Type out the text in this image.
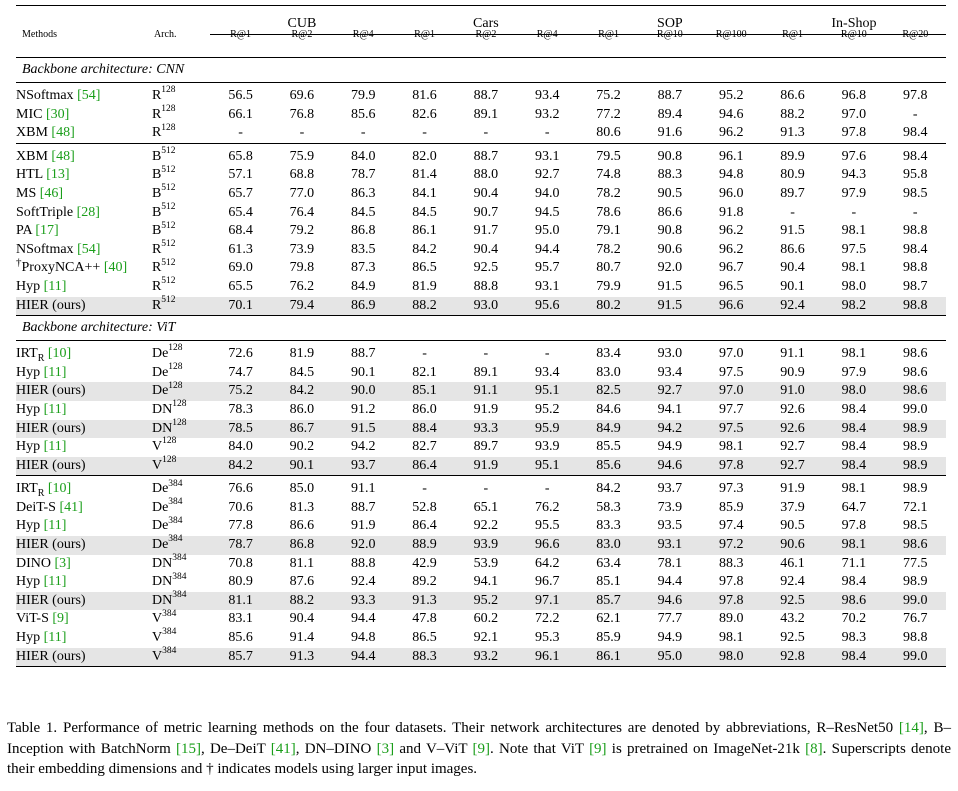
		CUB			Cars			SOP			In-Shop		
Methods	Arch.	R@1	R@2	R@4	R@1	R@2	R@4	R@1	R@10	R@100	R@1	R@10	R@20
Backbone architecture: CNN													
NSoftmax [54]	$R^{128}$	56.5	69.6	79.9	81.6	88.7	93.4	75.2	88.7	95.2	86.6	96.8	97.8
MIC [30]	$R^{128}$	66.1	76.8	85.6	82.6	89.1	93.2	77.2	89.4	94.6	88.2	97.0	-
XBM [48]	$R^{128}$	-	-	-	-	-	-	80.6	91.6	96.2	91.3	97.8	98.4
XBM [48]	$B^{512}$	65.8	75.9	84.0	82.0	88.7	93.1	79.5	90.8	96.1	89.9	97.6	98.4
HTL [13]	$B^{512}$	57.1	68.8	78.7	81.4	88.0	92.7	74.8	88.3	94.8	80.9	94.3	95.8
MS [46]	$B^{512}$	65.7	77.0	86.3	84.1	90.4	94.0	78.2	90.5	96.0	89.7	97.9	98.5
SoftTriple [28]	$B^{512}$	65.4	76.4	84.5	84.5	90.7	94.5	78.6	86.6	91.8	-	-	-
PA [17]	$B^{512}$	68.4	79.2	86.8	86.1	91.7	95.0	79.1	90.8	96.2	91.5	98.1	98.8
NSoftmax [54]	$R^{512}$	61.3	73.9	83.5	84.2	90.4	94.4	78.2	90.6	96.2	86.6	97.5	98.4
†ProxyNCA++ [40]	$R^{512}$	69.0	79.8	87.3	86.5	92.5	95.7	80.7	92.0	96.7	90.4	98.1	98.8
Hyp [11]	$R^{512}$	65.5	76.2	84.9	81.9	88.8	93.1	79.9	91.5	96.5	90.1	98.0	98.7
HIER (ours)	$R^{512}$	70.1	79.4	86.9	88.2	93.0	95.6	80.2	91.5	96.6	92.4	98.2	98.8
Backbone architecture: ViT													
$IRT_R$ [10]	De$^{128}$	72.6	81.9	88.7	-	-	-	83.4	93.0	97.0	91.1	98.1	98.6
Hyp [11]	De$^{128}$	74.7	84.5	90.1	82.1	89.1	93.4	83.0	93.4	97.5	90.9	97.9	98.6
HIER (ours)	De$^{128}$	75.2	84.2	90.0	85.1	91.1	95.1	82.5	92.7	97.0	91.0	98.0	98.6
Hyp [11]	DN$^{128}$	78.3	86.0	91.2	86.0	91.9	95.2	84.6	94.1	97.7	92.6	98.4	99.0
HIER (ours)	DN$^{128}$	78.5	86.7	91.5	88.4	93.3	95.9	84.9	94.2	97.5	92.6	98.4	98.9
Hyp [11]	$V^{128}$	84.0	90.2	94.2	82.7	89.7	93.9	85.5	94.9	98.1	92.7	98.4	98.9
HIER (ours)	$V^{128}$	84.2	90.1	93.7	86.4	91.9	95.1	85.6	94.6	97.8	92.7	98.4	98.9
$IRT_R$ [10]	De$^{384}$	76.6	85.0	91.1	-	-	-	84.2	93.7	97.3	91.9	98.1	98.9
DeiT-S [41]	De$^{384}$	70.6	81.3	88.7	52.8	65.1	76.2	58.3	73.9	85.9	37.9	64.7	72.1
Hyp [11]	De$^{384}$	77.8	86.6	91.9	86.4	92.2	95.5	83.3	93.5	97.4	90.5	97.8	98.5
HIER (ours)	De$^{384}$	78.7	86.8	92.0	88.9	93.9	96.6	83.0	93.1	97.2	90.6	98.1	98.6
DINO [3]	DN$^{384}$	70.8	81.1	88.8	42.9	53.9	64.2	63.4	78.1	88.3	46.1	71.1	77.5
Hyp [11]	DN$^{384}$	80.9	87.6	92.4	89.2	94.1	96.7	85.1	94.4	97.8	92.4	98.4	98.9
HIER (ours)	DN$^{384}$	81.1	88.2	93.3	91.3	95.2	97.1	85.7	94.6	97.8	92.5	98.6	99.0
ViT-S [9]	$V^{384}$	83.1	90.4	94.4	47.8	60.2	72.2	62.1	77.7	89.0	43.2	70.2	76.7
Hyp [11]	$V^{384}$	85.6	91.4	94.8	86.5	92.1	95.3	85.9	94.9	98.1	92.5	98.3	98.8
HIER (ours)	$V^{384}$	85.7	91.3	94.4	88.3	93.2	96.1	86.1	95.0	98.0	92.8	98.4	99.0
Table 1. Performance of metric learning methods on the four datasets. Their network architectures are denoted by abbreviations, R–ResNet50 [14], B–Inception with BatchNorm [15], De–DeiT [41], DN–DINO [3] and V–ViT [9]. Note that ViT [9] is pretrained on ImageNet-21k [8]. Superscripts denote their embedding dimensions and † indicates models using larger input images.
